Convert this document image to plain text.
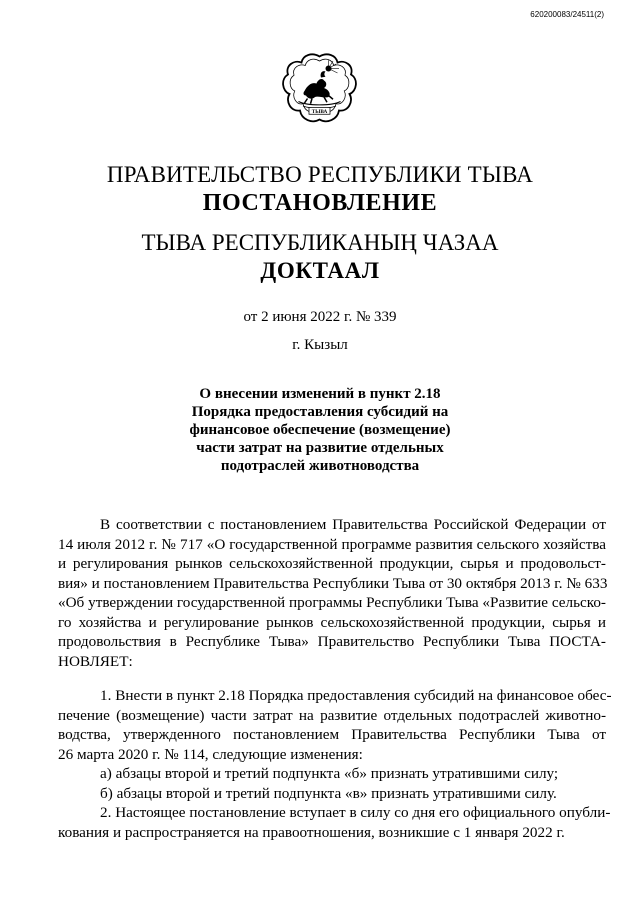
620200083/24511(2)
ТЫВА
ПРАВИТЕЛЬСТВО РЕСПУБЛИКИ ТЫВА
ПОСТАНОВЛЕНИЕ
ТЫВА РЕСПУБЛИКАНЫҢ ЧАЗАА
ДОКТААЛ
от 2 июня 2022 г. № 339
г. Кызыл
О внесении изменений в пункт 2.18
Порядка предоставления субсидий на
финансовое обеспечение (возмещение)
части затрат на развитие отдельных
подотраслей животноводства
В соответствии с постановлением Правительства Российской Федерации от
14 июля 2012 г. № 717 «О государственной программе развития сельского хозяйства
и регулирования рынков сельскохозяйственной продукции, сырья и продовольст-
вия» и постановлением Правительства Республики Тыва от 30 октября 2013 г. № 633
«Об утверждении государственной программы Республики Тыва «Развитие сельско-
го хозяйства и регулирование рынков сельскохозяйственной продукции, сырья и
продовольствия в Республике Тыва» Правительство Республики Тыва ПОСТА-
НОВЛЯЕТ:
1. Внести в пункт 2.18 Порядка предоставления субсидий на финансовое обес-
печение (возмещение) части затрат на развитие отдельных подотраслей животно-
водства, утвержденного постановлением Правительства Республики Тыва от
26 марта 2020 г. № 114, следующие изменения:
а) абзацы второй и третий подпункта «б» признать утратившими силу;
б) абзацы второй и третий подпункта «в» признать утратившими силу.
2. Настоящее постановление вступает в силу со дня его официального опубли-
кования и распространяется на правоотношения, возникшие с 1 января 2022 г.
